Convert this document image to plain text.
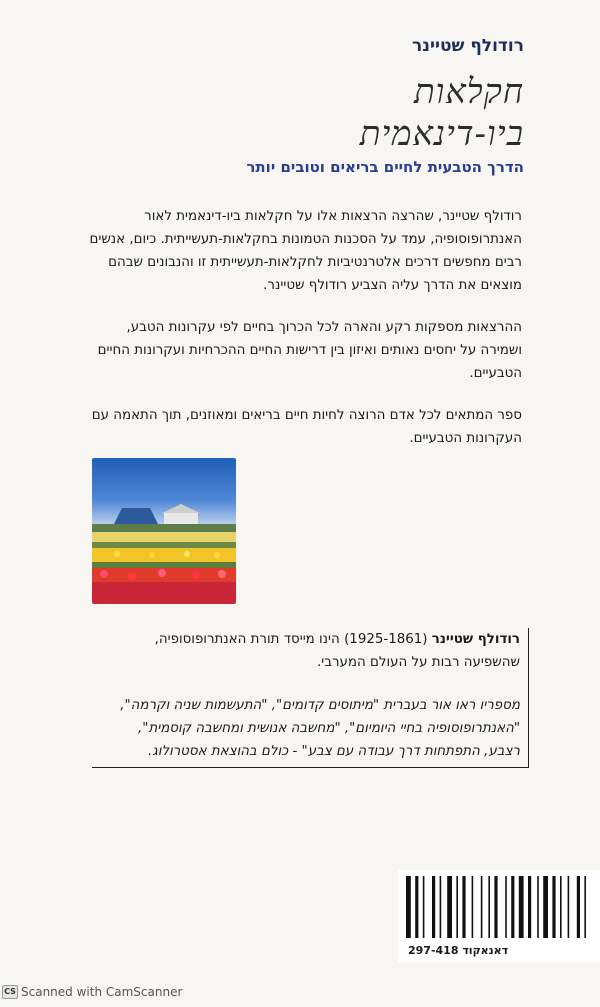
רודולף שטיינר
חקלאות
ביו-דינאמית
הדרך הטבעית לחיים בריאים וטובים יותר

רודולף שטיינר, שהרצה הרצאות אלו על חקלאות ביו-דינאמית לאור האנתרופוסופיה, עמד על הסכנות הטמונות בחקלאות-תעשייתית. כיום, אנשים רבים מחפשים דרכים אלטרנטיביות לחקלאות-תעשייתית זו והנבונים שבהם מוצאים את הדרך עליה הצביע רודולף שטיינר.

ההרצאות מספקות רקע והארה לכל הכרוך בחיים לפי עקרונות הטבע, ושמירה על יחסים נאותים ואיזון בין דרישות החיים ההכרחיות ועקרונות החיים הטבעיים.

ספר המתאים לכל אדם הרוצה לחיות חיים בריאים ומאוזנים, תוך התאמה עם העקרונות הטבעיים.

רודולף שטיינר (1925-1861) הינו מייסד תורת האנתרופוסופיה,

שהשפיעה רבות על העולם המערבי.

מספריו ראו אור בעברית "מיתוסים קדומים", "התעשמות שניה וקרמה",

"האנתרופוסופיה בחיי היומיום", "מחשבה אנושית ומחשבה קוסמית",

רצבע, התפתחות דרך עבודה עם צבע" - כולם בהוצאת אסטרולוג.

דאנאקוד 297-418
CS Scanned with CamScanner
